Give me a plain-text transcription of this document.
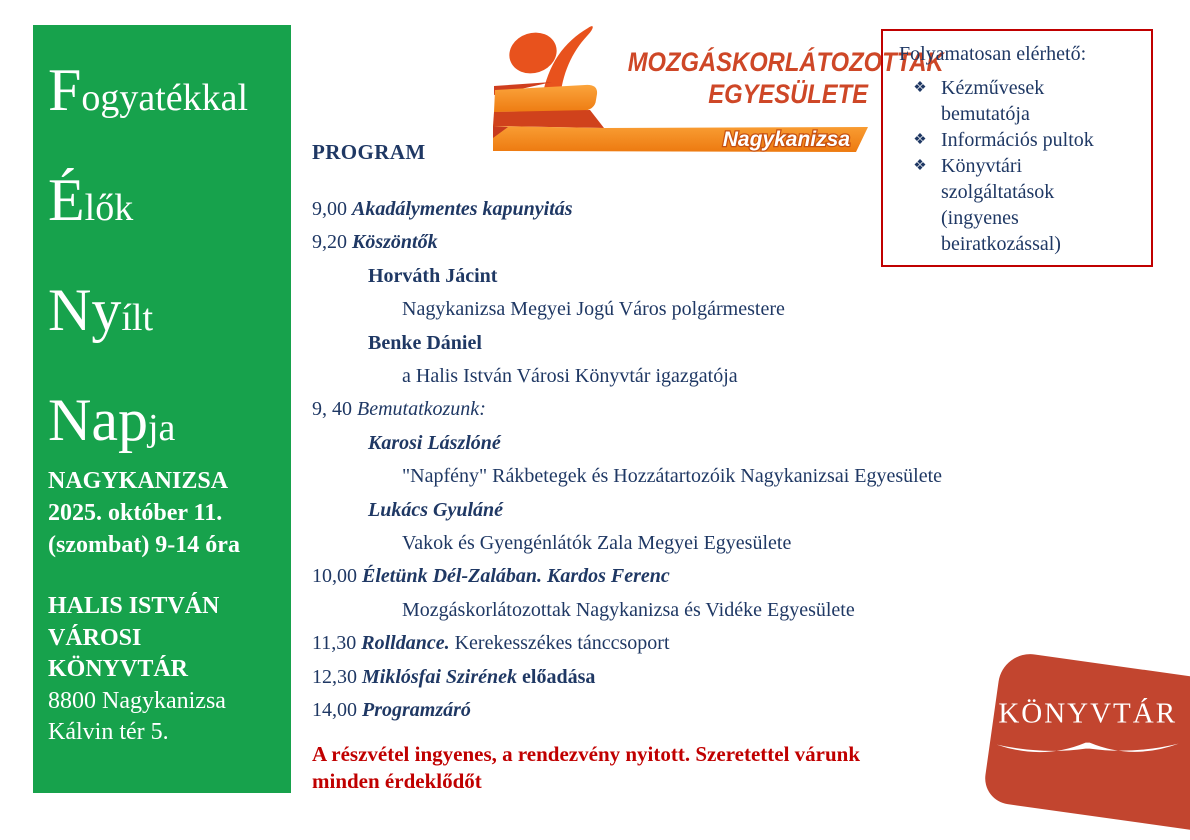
Fogyatékkal
Élők
Nyílt
Napja
NAGYKANIZSA
2025. október 11.
(szombat) 9-14 óra
HALIS ISTVÁN
VÁROSI
KÖNYVTÁR
8800 Nagykanizsa
Kálvin tér 5.
Nagykanizsa
MOZGÁSKORLÁTOZOTTAK
EGYESÜLETE
Folyamatosan elérhető:
❖ Kézművesek bemutatója
❖ Információs pultok
❖ Könyvtári szolgáltatások (ingyenes beiratkozással)
PROGRAM
9,00 Akadálymentes kapunyitás
9,20 Köszöntők
Horváth Jácint
Nagykanizsa Megyei Jogú Város polgármestere
Benke Dániel
a Halis István Városi Könyvtár igazgatója
9, 40 Bemutatkozunk:
Karosi Lászlóné
"Napfény" Rákbetegek és Hozzátartozóik Nagykanizsai Egyesülete
Lukács Gyuláné
Vakok és Gyengénlátók Zala Megyei Egyesülete
10,00 Életünk Dél-Zalában. Kardos Ferenc
Mozgáskorlátozottak Nagykanizsa és Vidéke Egyesülete
11,30 Rolldance. Kerekesszékes tánccsoport
12,30 Miklósfai Szirének előadása
14,00 Programzáró
A részvétel ingyenes, a rendezvény nyitott. Szeretettel várunk minden érdeklődőt
KÖNYVTÁR
